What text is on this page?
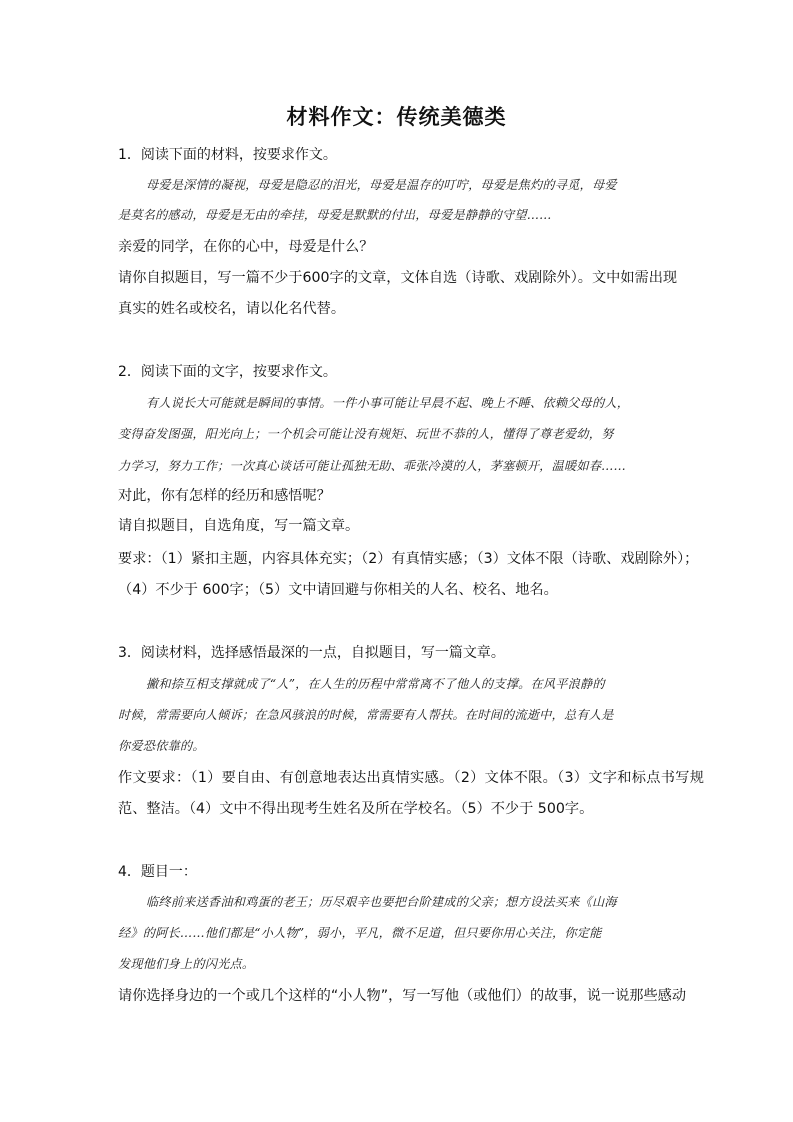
材料作文：传统美德类
1．阅读下面的材料，按要求作文。
母爱是深情的凝视，母爱是隐忍的泪光，母爱是温存的叮咛，母爱是焦灼的寻觅，母爱
是莫名的感动，母爱是无由的牵挂，母爱是默默的付出，母爱是静静的守望……
亲爱的同学，在你的心中，母爱是什么？
请你自拟题目，写一篇不少于600字的文章，文体自选（诗歌、戏剧除外）。文中如需出现
真实的姓名或校名，请以化名代替。
2．阅读下面的文字，按要求作文。
有人说长大可能就是瞬间的事情。一件小事可能让早晨不起、晚上不睡、依赖父母的人，
变得奋发图强，阳光向上；一个机会可能让没有规矩、玩世不恭的人，懂得了尊老爱幼，努
力学习，努力工作；一次真心谈话可能让孤独无助、乖张冷漠的人，茅塞顿开，温暖如春……
对此，你有怎样的经历和感悟呢？
请自拟题目，自选角度，写一篇文章。
要求：（1）紧扣主题，内容具体充实；（2）有真情实感；（3）文体不限（诗歌、戏剧除外）；
（4）不少于 600字；（5）文中请回避与你相关的人名、校名、地名。
3．阅读材料，选择感悟最深的一点，自拟题目，写一篇文章。
撇和捺互相支撑就成了“人”，在人生的历程中常常离不了他人的支撑。在风平浪静的
时候，常需要向人倾诉；在急风骇浪的时候，常需要有人帮扶。在时间的流逝中，总有人是
你爱恐依靠的。
作文要求：（1）要自由、有创意地表达出真情实感。（2）文体不限。（3）文字和标点书写规
范、整洁。（4）文中不得出现考生姓名及所在学校名。（5）不少于 500字。
4．题目一：
临终前来送香油和鸡蛋的老王；历尽艰辛也要把台阶建成的父亲；想方设法买来《山海
经》的阿长……他们都是“小人物”，弱小，平凡，微不足道，但只要你用心关注，你定能
发现他们身上的闪光点。
请你选择身边的一个或几个这样的“小人物”，写一写他（或他们）的故事，说一说那些感动
